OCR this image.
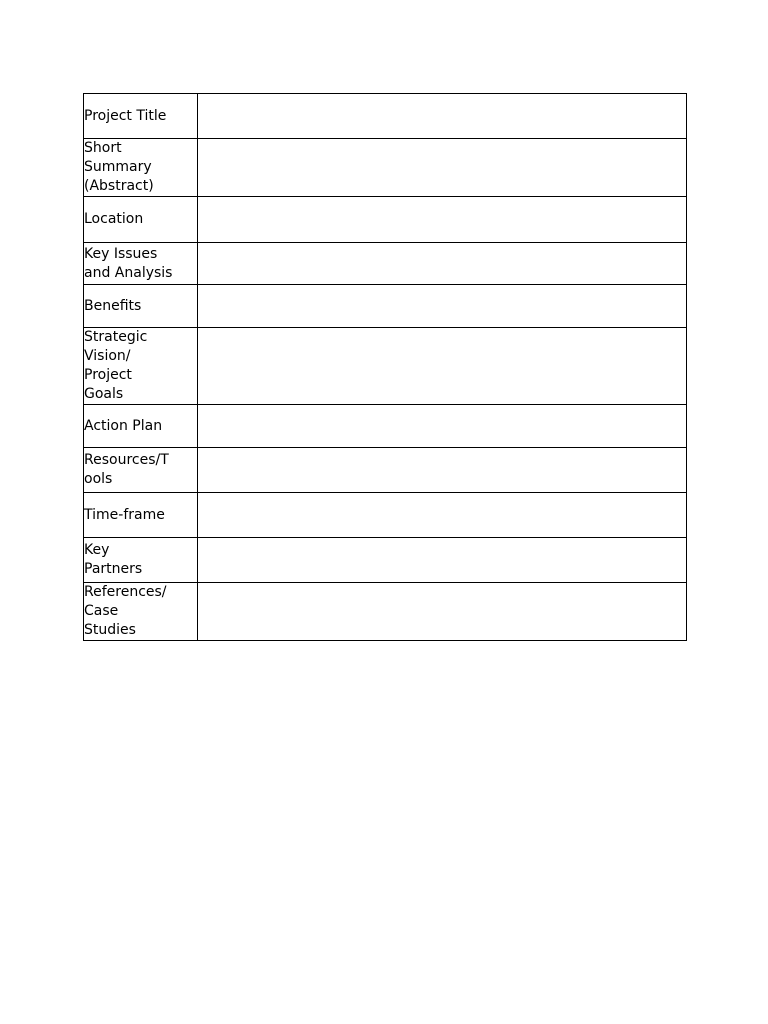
Project Title	

Short
Summary
(Abstract)	

Location	

Key Issues
and Analysis	

Benefits	

Strategic
Vision/
Project
Goals	

Action Plan	

Resources/T
ools	

Time-frame	

Key
Partners	

References/
Case
Studies	
